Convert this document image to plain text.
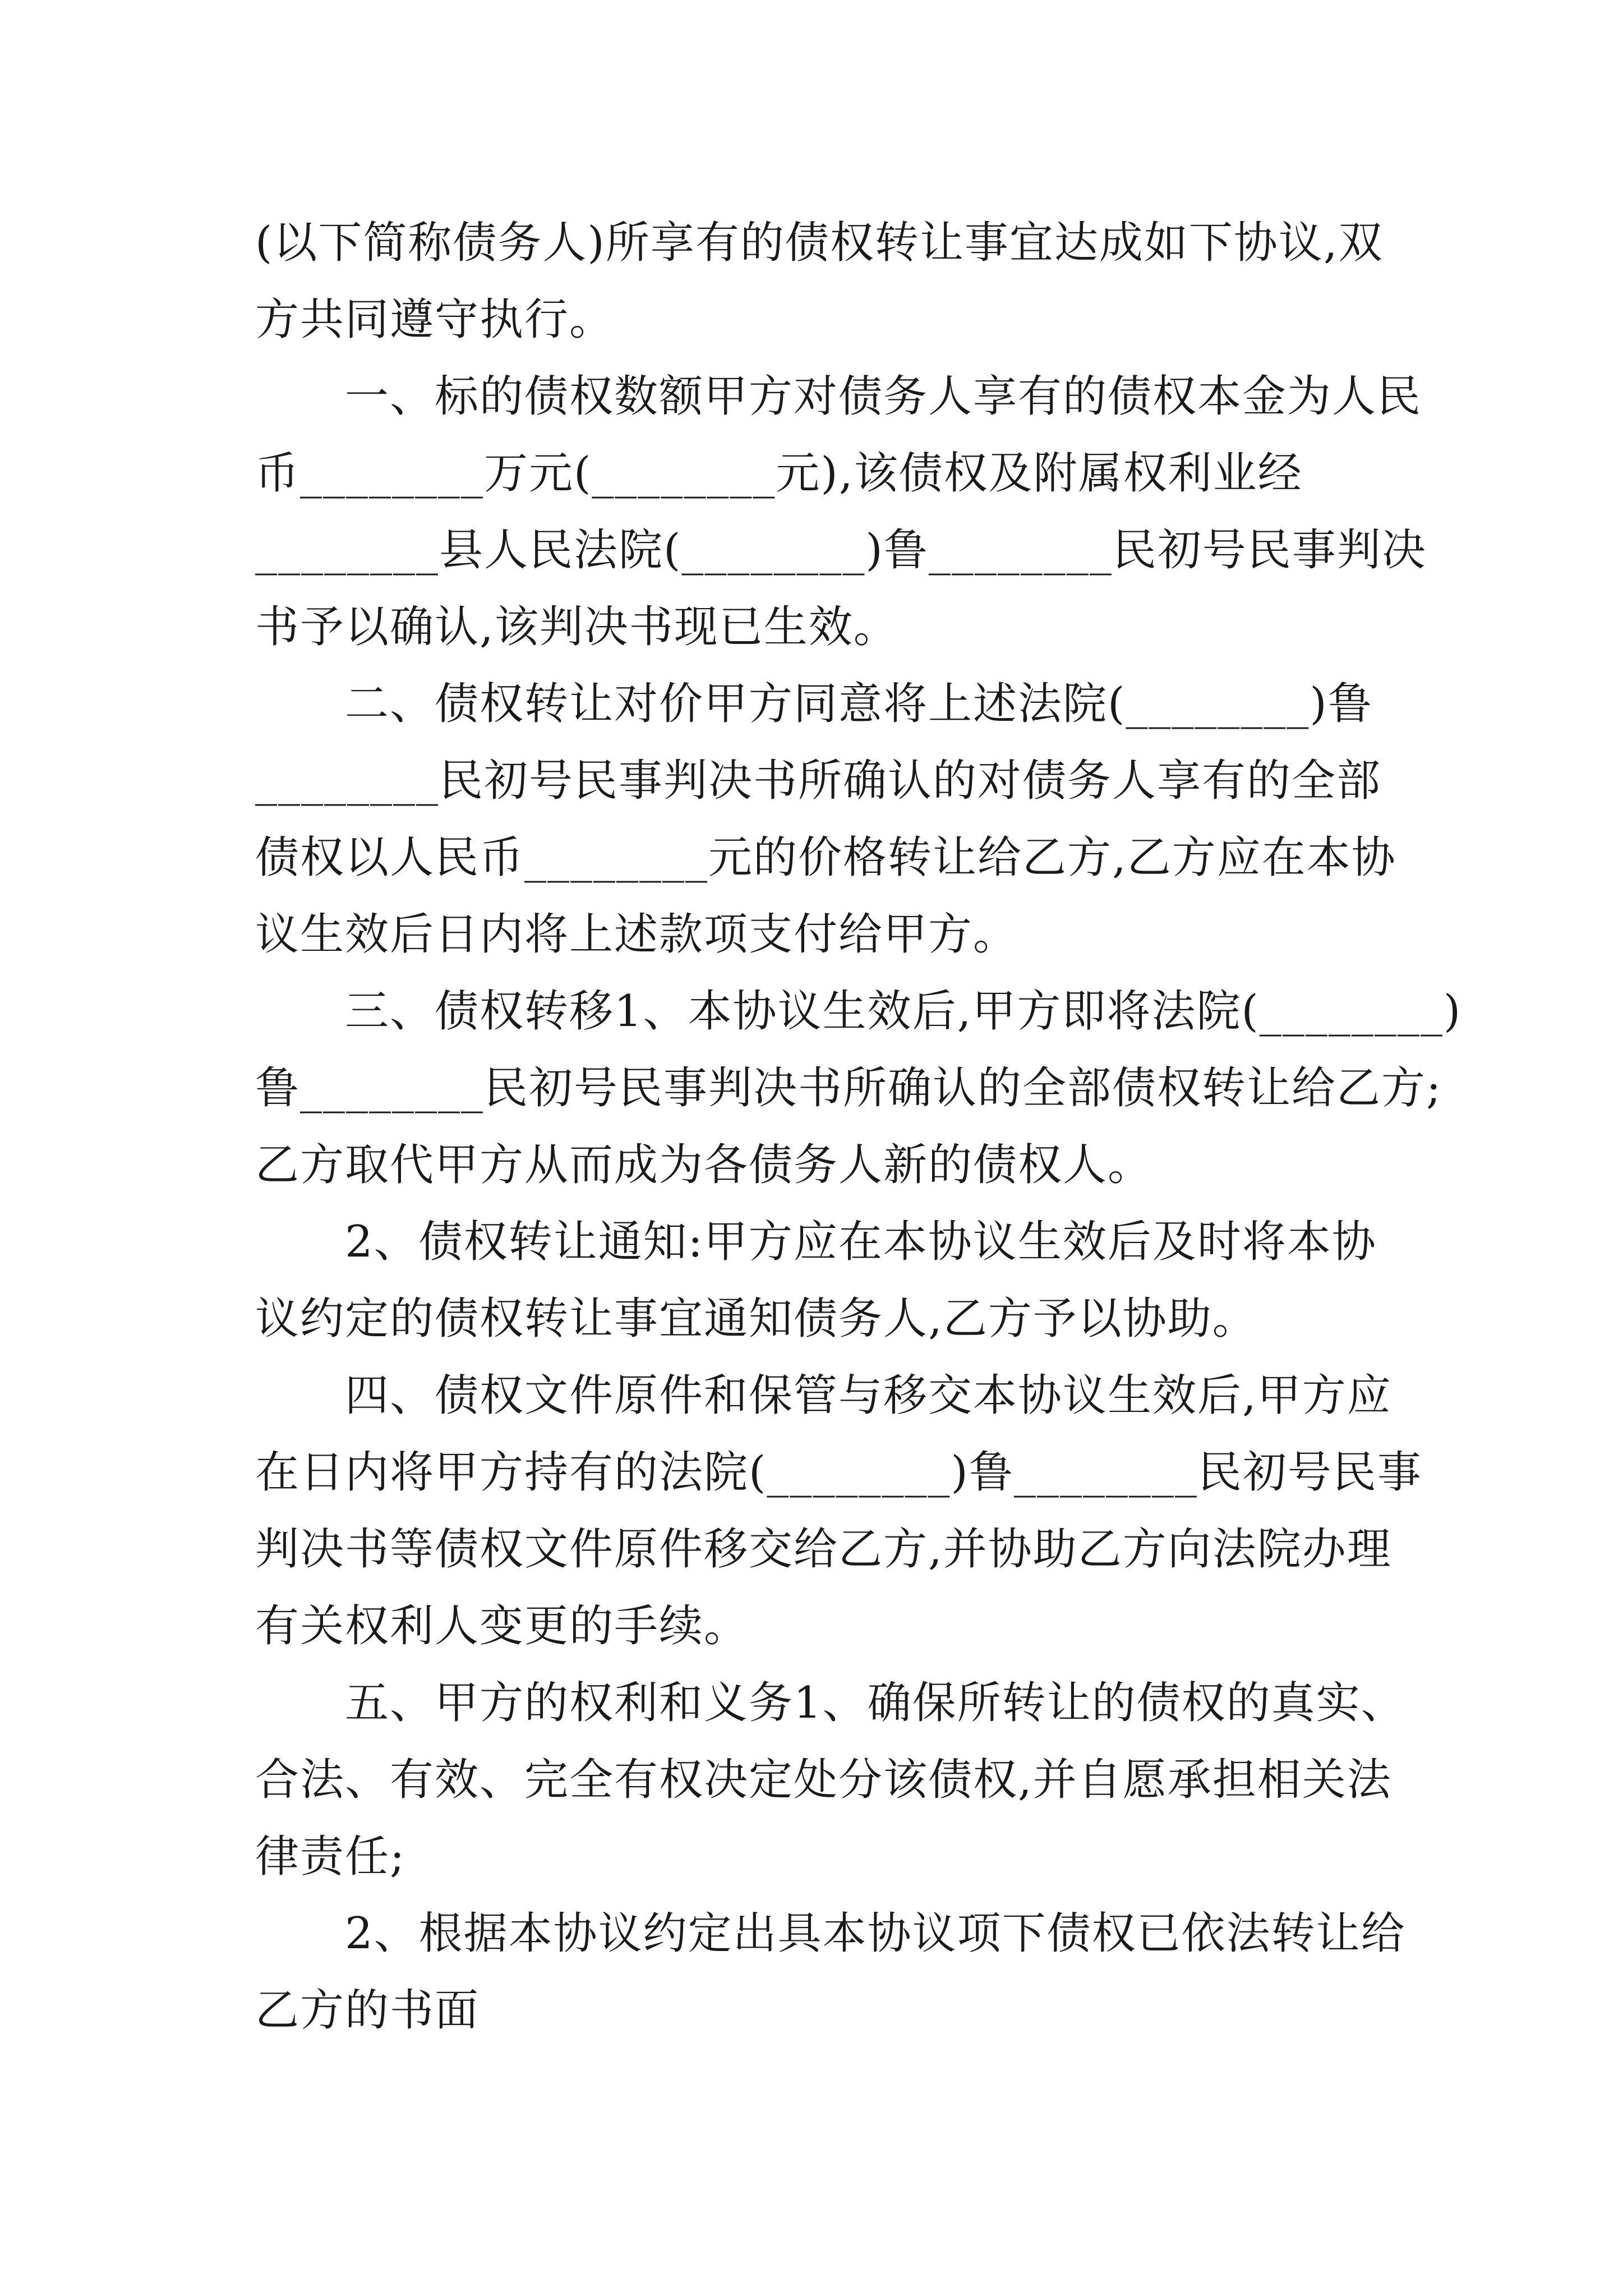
(以下简称债务人)所享有的债权转让事宜达成如下协议,双
方共同遵守执行。
　　一、标的债权数额甲方对债务人享有的债权本金为人民
币________万元(________元),该债权及附属权利业经
________县人民法院(________)鲁________民初号民事判决
书予以确认,该判决书现已生效。
　　二、债权转让对价甲方同意将上述法院(________)鲁
________民初号民事判决书所确认的对债务人享有的全部
债权以人民币________元的价格转让给乙方,乙方应在本协
议生效后日内将上述款项支付给甲方。
　　三、债权转移1、本协议生效后,甲方即将法院(________)
鲁________民初号民事判决书所确认的全部债权转让给乙方;
乙方取代甲方从而成为各债务人新的债权人。
　　2、债权转让通知:甲方应在本协议生效后及时将本协
议约定的债权转让事宜通知债务人,乙方予以协助。
　　四、债权文件原件和保管与移交本协议生效后,甲方应
在日内将甲方持有的法院(________)鲁________民初号民事
判决书等债权文件原件移交给乙方,并协助乙方向法院办理
有关权利人变更的手续。
　　五、甲方的权利和义务1、确保所转让的债权的真实、
合法、有效、完全有权决定处分该债权,并自愿承担相关法
律责任;
　　2、根据本协议约定出具本协议项下债权已依法转让给
乙方的书面
